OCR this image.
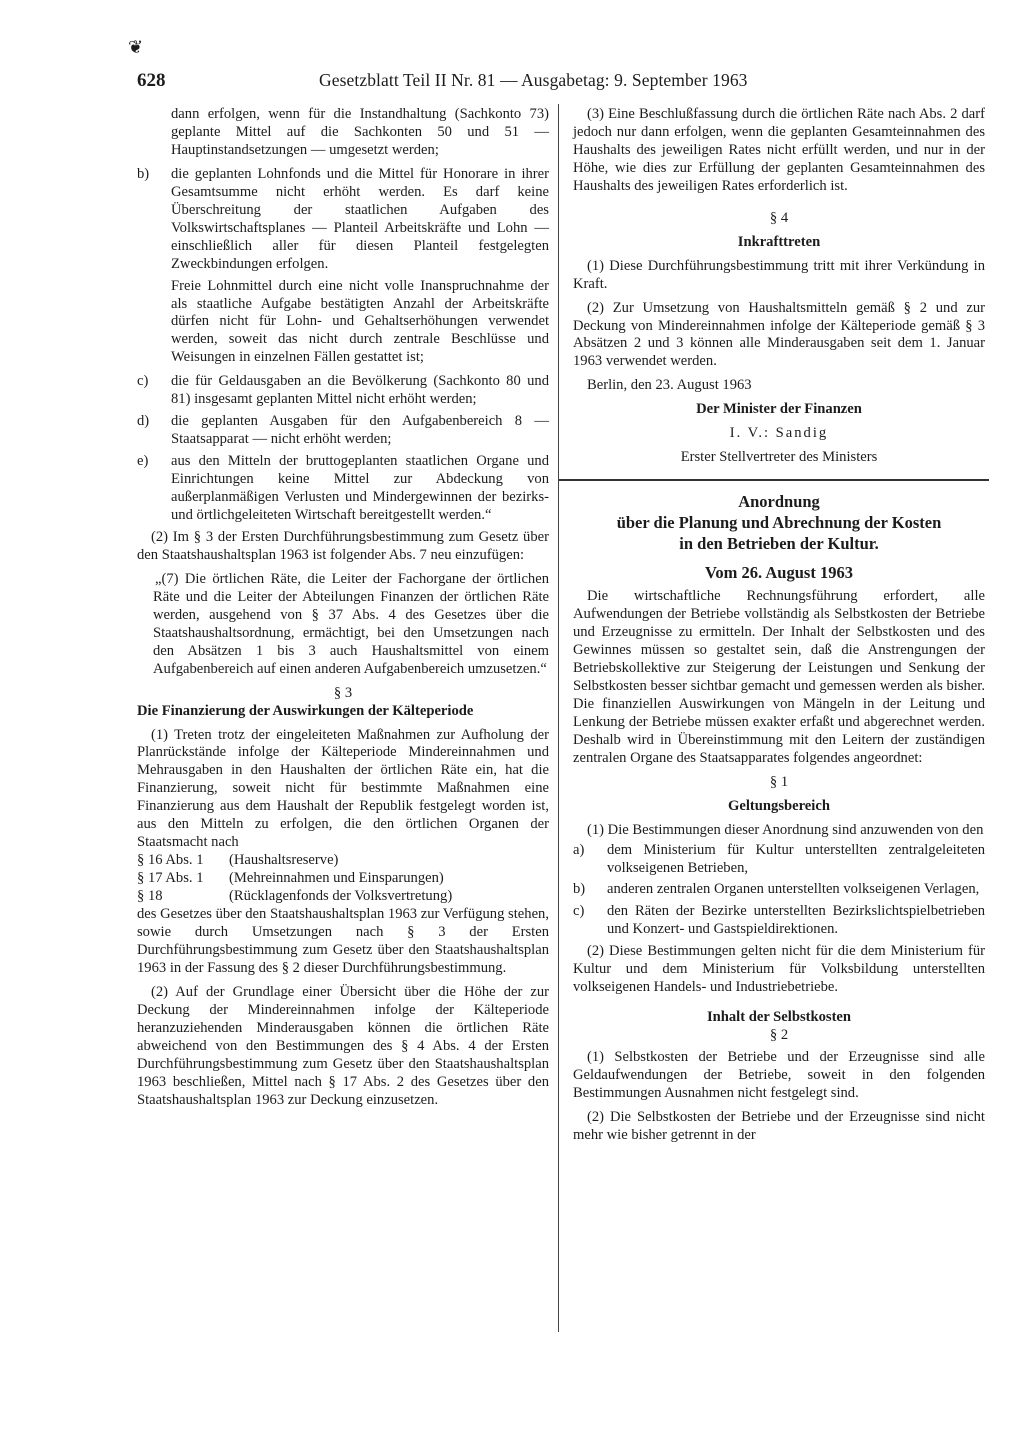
❦
628	Gesetzblatt Teil II Nr. 81 — Ausgabetag: 9. September 1963

dann erfolgen, wenn für die Instandhaltung (Sachkonto 73) geplante Mittel auf die Sachkonten 50 und 51 — Hauptinstandsetzungen — umgesetzt werden;

b)	die geplanten Lohnfonds und die Mittel für Honorare in ihrer Gesamtsumme nicht erhöht werden. Es darf keine Überschreitung der staatlichen Aufgaben des Volkswirtschaftsplanes — Planteil Arbeitskräfte und Lohn — einschließlich aller für diesen Planteil festgelegten Zweckbindungen erfolgen.

Freie Lohnmittel durch eine nicht volle Inanspruchnahme der als staatliche Aufgabe bestätigten Anzahl der Arbeitskräfte dürfen nicht für Lohn- und Gehaltserhöhungen verwendet werden, soweit das nicht durch zentrale Beschlüsse und Weisungen in einzelnen Fällen gestattet ist;

c)	die für Geldausgaben an die Bevölkerung (Sachkonto 80 und 81) insgesamt geplanten Mittel nicht erhöht werden;
d)	die geplanten Ausgaben für den Aufgabenbereich 8 — Staatsapparat — nicht erhöht werden;
e)	aus den Mitteln der bruttogeplanten staatlichen Organe und Einrichtungen keine Mittel zur Abdeckung von außerplanmäßigen Verlusten und Mindergewinnen der bezirks- und örtlichgeleiteten Wirtschaft bereitgestellt werden.“

(2) Im § 3 der Ersten Durchführungsbestimmung zum Gesetz über den Staatshaushaltsplan 1963 ist folgender Abs. 7 neu einzufügen:

„(7) Die örtlichen Räte, die Leiter der Fachorgane der örtlichen Räte und die Leiter der Abteilungen Finanzen der örtlichen Räte werden, ausgehend von § 37 Abs. 4 des Gesetzes über die Staatshaushaltsordnung, ermächtigt, bei den Umsetzungen nach den Absätzen 1 bis 3 auch Haushaltsmittel von einem Aufgabenbereich auf einen anderen Aufgabenbereich umzusetzen.“

§ 3

Die Finanzierung der Auswirkungen der Kälteperiode

(1) Treten trotz der eingeleiteten Maßnahmen zur Aufholung der Planrückstände infolge der Kälteperiode Mindereinnahmen und Mehrausgaben in den Haushalten der örtlichen Räte ein, hat die Finanzierung, soweit nicht für bestimmte Maßnahmen eine Finanzierung aus dem Haushalt der Republik festgelegt worden ist, aus den Mitteln zu erfolgen, die den örtlichen Organen der Staatsmacht nach

§ 16 Abs. 1	(Haushaltsreserve)
§ 17 Abs. 1	(Mehreinnahmen und Einsparungen)
§ 18	(Rücklagenfonds der Volksvertretung)

des Gesetzes über den Staatshaushaltsplan 1963 zur Verfügung stehen, sowie durch Umsetzungen nach § 3 der Ersten Durchführungsbestimmung zum Gesetz über den Staatshaushaltsplan 1963 in der Fassung des § 2 dieser Durchführungsbestimmung.

(2) Auf der Grundlage einer Übersicht über die Höhe der zur Deckung der Mindereinnahmen infolge der Kälteperiode heranzuziehenden Minderausgaben können die örtlichen Räte abweichend von den Bestimmungen des § 4 Abs. 4 der Ersten Durchführungsbestimmung zum Gesetz über den Staatshaushaltsplan 1963 beschließen, Mittel nach § 17 Abs. 2 des Gesetzes über den Staatshaushaltsplan 1963 zur Deckung einzusetzen.

(3) Eine Beschlußfassung durch die örtlichen Räte nach Abs. 2 darf jedoch nur dann erfolgen, wenn die geplanten Gesamteinnahmen des Haushalts des jeweiligen Rates nicht erfüllt werden, und nur in der Höhe, wie dies zur Erfüllung der geplanten Gesamteinnahmen des Haushalts des jeweiligen Rates erforderlich ist.

§ 4

Inkrafttreten

(1) Diese Durchführungsbestimmung tritt mit ihrer Verkündung in Kraft.

(2) Zur Umsetzung von Haushaltsmitteln gemäß § 2 und zur Deckung von Mindereinnahmen infolge der Kälteperiode gemäß § 3 Absätzen 2 und 3 können alle Minderausgaben seit dem 1. Januar 1963 verwendet werden.

Berlin, den 23. August 1963

Der Minister der Finanzen

I. V.: Sandig

Erster Stellvertreter des Ministers

Anordnung
über die Planung und Abrechnung der Kosten
in den Betrieben der Kultur.

Vom 26. August 1963

Die wirtschaftliche Rechnungsführung erfordert, alle Aufwendungen der Betriebe vollständig als Selbstkosten der Betriebe und Erzeugnisse zu ermitteln. Der Inhalt der Selbstkosten und des Gewinnes müssen so gestaltet sein, daß die Anstrengungen der Betriebskollektive zur Steigerung der Leistungen und Senkung der Selbstkosten besser sichtbar gemacht und gemessen werden als bisher. Die finanziellen Auswirkungen von Mängeln in der Leitung und Lenkung der Betriebe müssen exakter erfaßt und abgerechnet werden. Deshalb wird in Übereinstimmung mit den Leitern der zuständigen zentralen Organe des Staatsapparates folgendes angeordnet:

§ 1

Geltungsbereich

(1) Die Bestimmungen dieser Anordnung sind anzuwenden von den

a)	dem Ministerium für Kultur unterstellten zentralgeleiteten volkseigenen Betrieben,
b)	anderen zentralen Organen unterstellten volkseigenen Verlagen,
c)	den Räten der Bezirke unterstellten Bezirkslichtspielbetrieben und Konzert- und Gastspieldirektionen.

(2) Diese Bestimmungen gelten nicht für die dem Ministerium für Kultur und dem Ministerium für Volksbildung unterstellten volkseigenen Handels- und Industriebetriebe.

Inhalt der Selbstkosten

§ 2

(1) Selbstkosten der Betriebe und der Erzeugnisse sind alle Geldaufwendungen der Betriebe, soweit in den folgenden Bestimmungen Ausnahmen nicht festgelegt sind.

(2) Die Selbstkosten der Betriebe und der Erzeugnisse sind nicht mehr wie bisher getrennt in der
